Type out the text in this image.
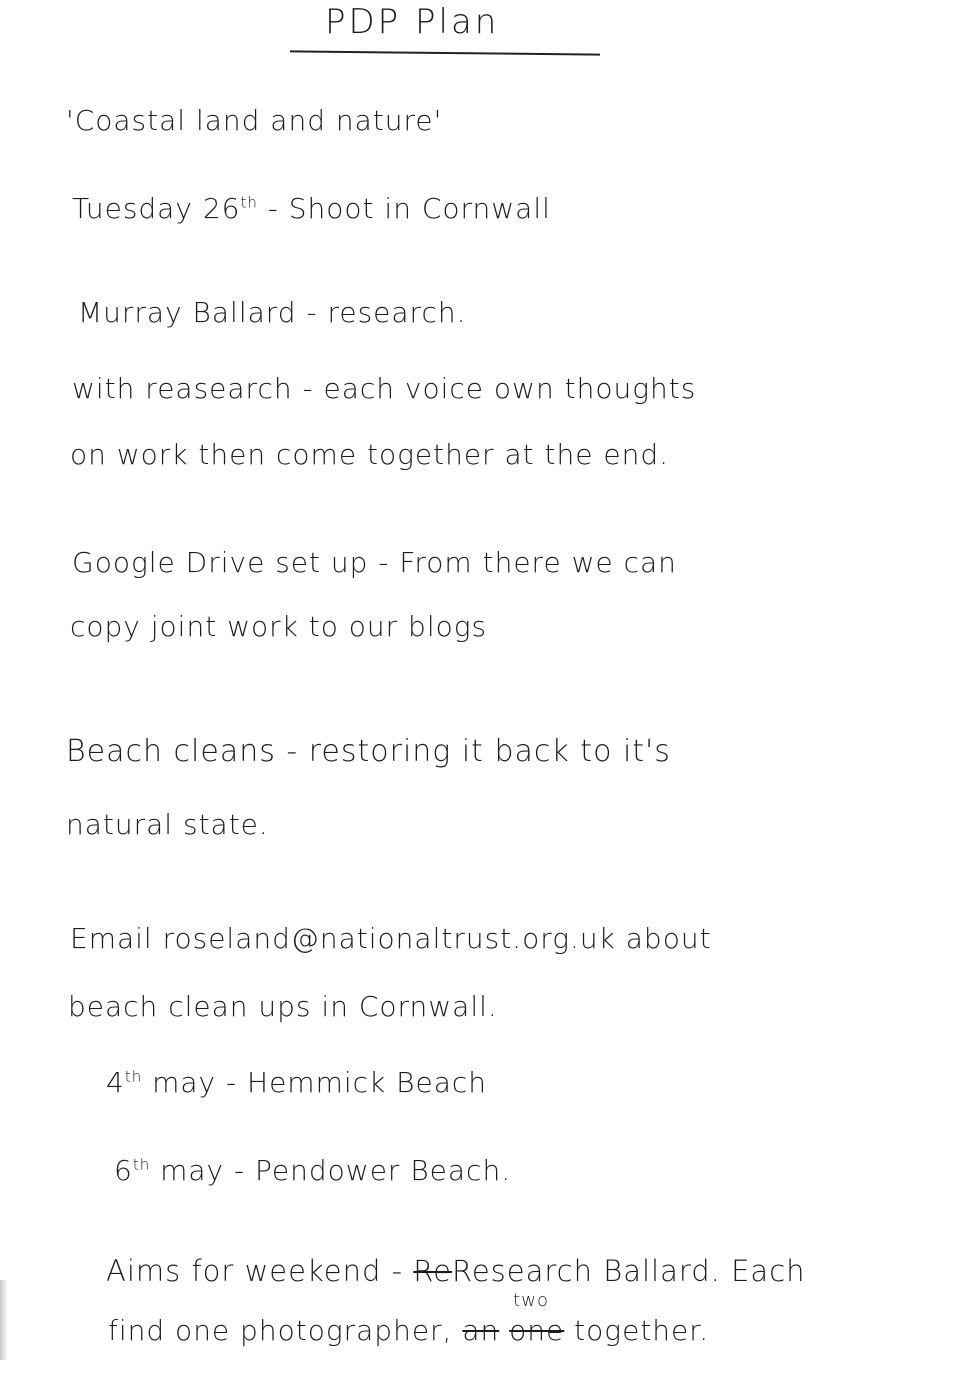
PDP Plan
'Coastal land and nature'
Tuesday 26th - Shoot in Cornwall
Murray Ballard - research.
with reasearch - each voice own thoughts
on work then come together at the end.
Google Drive set up - From there we can
copy joint work to our blogs
Beach cleans - restoring it back to it's
natural state.
Email roseland@nationaltrust.org.uk about
beach clean ups in Cornwall.
4th may - Hemmick Beach
6th may - Pendower Beach.
Aims for weekend - ReResearch Ballard. Each
find one photographer, an
two
one together.
